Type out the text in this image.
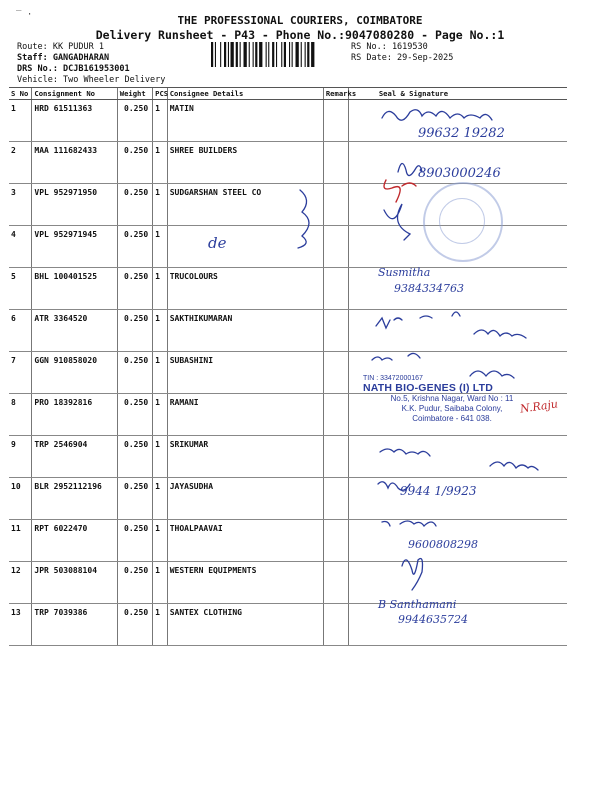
‾ ·	THE PROFESSIONAL COURIERS, COIMBATORE
Delivery Runsheet - P43 - Phone No.:9047080280 - Page No.:1
Route: KK PUDUR 1
Staff: GANGADHARAN
DRS No.: DCJB161953001
Vehicle: Two Wheeler Delivery
RS No.: 1619530
RS Date: 29-Sep-2025
S No	Consignment No	Weight	PCS	Consignee Details	Remarks	Seal & Signature
1	HRD 61511363	0.250	1	MATIN		
2	MAA 111682433	0.250	1	SHREE BUILDERS		
3	VPL 952971950	0.250	1	SUDGARSHAN STEEL CO		
4	VPL 952971945	0.250	1			
5	BHL 100401525	0.250	1	TRUCOLOURS		
6	ATR 3364520	0.250	1	SAKTHIKUMARAN		
7	GGN 910858020	0.250	1	SUBASHINI		
8	PRO 18392816	0.250	1	RAMANI		
9	TRP 2546904	0.250	1	SRIKUMAR		
10	BLR 2952112196	0.250	1	JAYASUDHA		
11	RPT 6022470	0.250	1	THOALPAAVAI		
12	JPR 503088104	0.250	1	WESTERN EQUIPMENTS		
13	TRP 7039386	0.250	1	SANTEX CLOTHING		
99632 19282
8903000246
de
Susmitha
9384334763
9944 1/9923
9600808298
B Santhamani
9944635724
N.Raju
TIN : 33472000167
NATH BIO-GENES (I) LTD
No.5, Krishna Nagar, Ward No : 11
K.K. Pudur, Saibaba Colony,
Coimbatore - 641 038.
